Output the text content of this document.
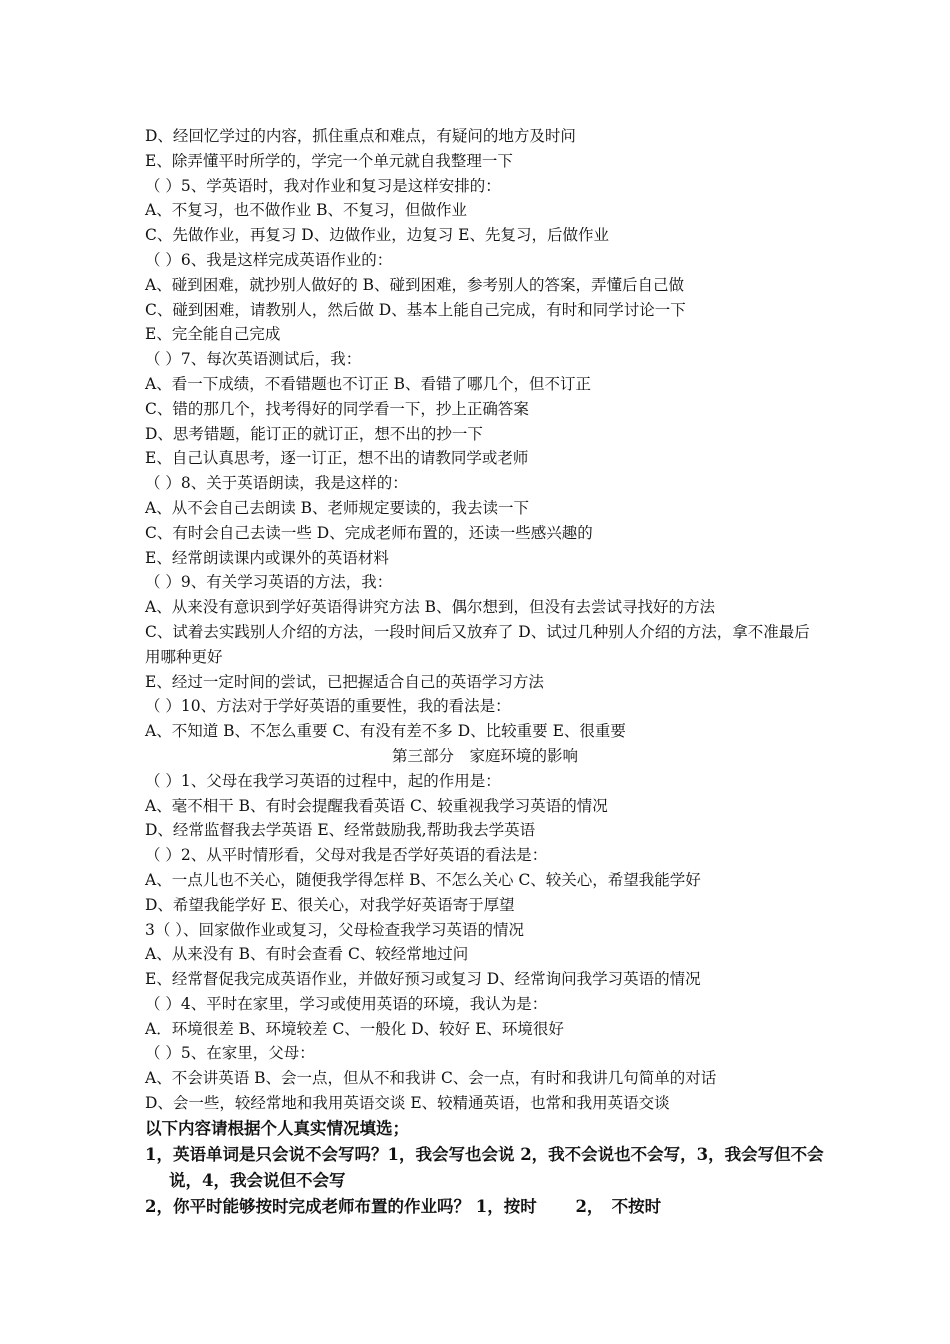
D、经回忆学过的内容，抓住重点和难点，有疑问的地方及时问
E、除弄懂平时所学的，学完一个单元就自我整理一下
（ ）5、学英语时，我对作业和复习是这样安排的：
A、不复习，也不做作业 B、不复习，但做作业
C、先做作业，再复习 D、边做作业，边复习 E、先复习，后做作业
（ ）6、我是这样完成英语作业的：
A、碰到困难，就抄别人做好的 B、碰到困难，参考别人的答案，弄懂后自己做
C、碰到困难，请教别人，然后做 D、基本上能自己完成，有时和同学讨论一下
E、完全能自己完成
（ ）7、每次英语测试后，我：
A、看一下成绩，不看错题也不订正 B、看错了哪几个，但不订正
C、错的那几个，找考得好的同学看一下，抄上正确答案
D、思考错题，能订正的就订正，想不出的抄一下
E、自己认真思考，逐一订正，想不出的请教同学或老师
（ ）8、关于英语朗读，我是这样的：
A、从不会自己去朗读 B、老师规定要读的，我去读一下
C、有时会自己去读一些 D、完成老师布置的，还读一些感兴趣的
E、经常朗读课内或课外的英语材料
（ ）9、有关学习英语的方法，我：
A、从来没有意识到学好英语得讲究方法 B、偶尔想到，但没有去尝试寻找好的方法
C、试着去实践别人介绍的方法，一段时间后又放弃了 D、试过几种别人介绍的方法，拿不准最后用哪种更好
E、经过一定时间的尝试，已把握适合自己的英语学习方法
（ ）10、方法对于学好英语的重要性，我的看法是：
A、不知道 B、不怎么重要 C、有没有差不多 D、比较重要 E、很重要
第三部分　家庭环境的影响
（ ）1、父母在我学习英语的过程中，起的作用是：
A、毫不相干 B、有时会提醒我看英语 C、较重视我学习英语的情况
D、经常监督我去学英语 E、经常鼓励我,帮助我去学英语
（ ）2、从平时情形看，父母对我是否学好英语的看法是：
A、一点儿也不关心，随便我学得怎样 B、不怎么关心 C、较关心，希望我能学好
D、希望我能学好 E、很关心，对我学好英语寄于厚望
3（ ）、回家做作业或复习，父母检查我学习英语的情况
A、从来没有 B、有时会查看 C、较经常地过问
E、经常督促我完成英语作业，并做好预习或复习 D、经常询问我学习英语的情况
（ ）4、平时在家里，学习或使用英语的环境，我认为是：
A．环境很差 B、环境较差 C、一般化 D、较好 E、环境很好
（ ）5、在家里，父母：
A、不会讲英语 B、会一点，但从不和我讲 C、会一点，有时和我讲几句简单的对话
D、会一些，较经常地和我用英语交谈 E、较精通英语，也常和我用英语交谈
以下内容请根据个人真实情况填选；
1，英语单词是只会说不会写吗？1，我会写也会说 2，我不会说也不会写，3，我会写但不会说，4，我会说但不会写
2，你平时能够按时完成老师布置的作业吗？ 1，按时　　 2，　不按时
